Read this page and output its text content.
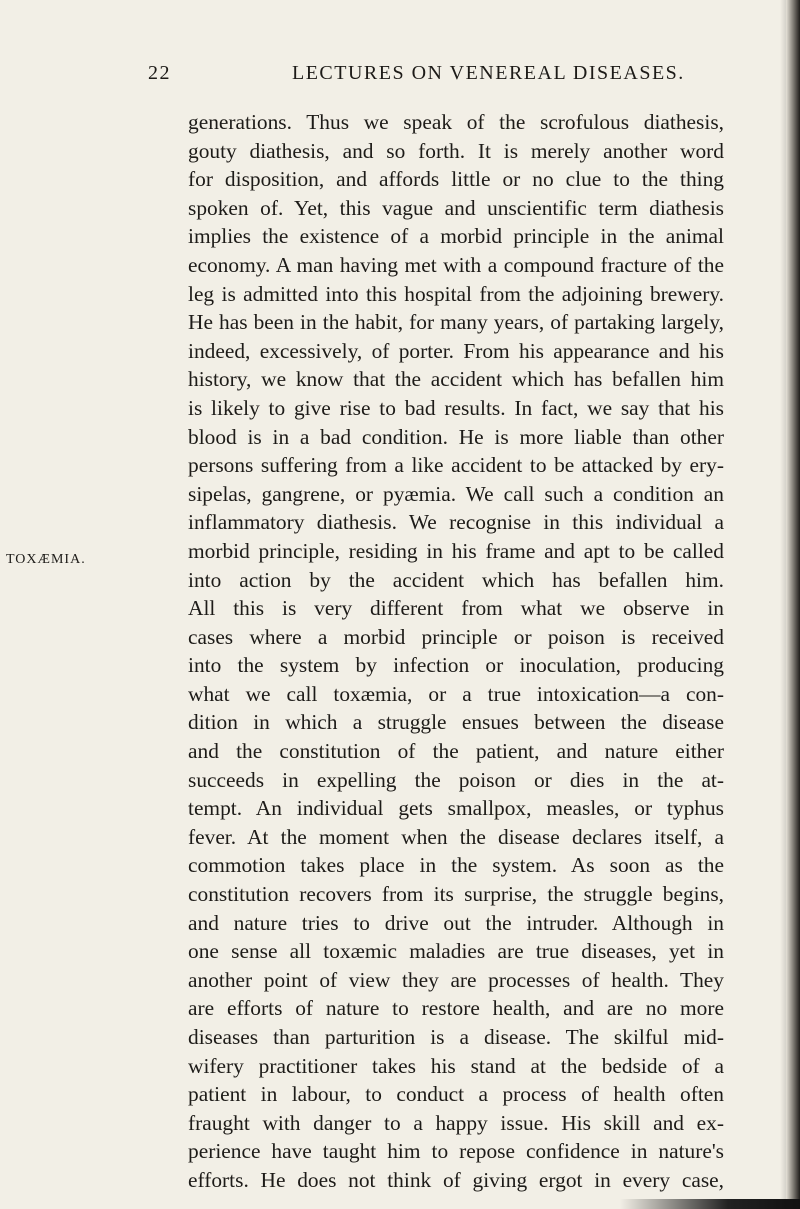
22	LECTURES ON VENEREAL DISEASES.
TOXÆMIA.
generations. Thus we speak of the scrofulous diathesis,
gouty diathesis, and so forth. It is merely another word
for disposition, and affords little or no clue to the thing
spoken of. Yet, this vague and unscientific term diathesis
implies the existence of a morbid principle in the animal
economy. A man having met with a compound fracture of the
leg is admitted into this hospital from the adjoining brewery.
He has been in the habit, for many years, of partaking largely,
indeed, excessively, of porter. From his appearance and his
history, we know that the accident which has befallen him
is likely to give rise to bad results. In fact, we say that his
blood is in a bad condition. He is more liable than other
persons suffering from a like accident to be attacked by ery-
sipelas, gangrene, or pyæmia. We call such a condition an
inflammatory diathesis. We recognise in this individual a
morbid principle, residing in his frame and apt to be called
into action by the accident which has befallen him.
All this is very different from what we observe in
cases where a morbid principle or poison is received
into the system by infection or inoculation, producing
what we call toxæmia, or a true intoxication—a con-
dition in which a struggle ensues between the disease
and the constitution of the patient, and nature either
succeeds in expelling the poison or dies in the at-
tempt. An individual gets smallpox, measles, or typhus
fever. At the moment when the disease declares itself, a
commotion takes place in the system. As soon as the
constitution recovers from its surprise, the struggle begins,
and nature tries to drive out the intruder. Although in
one sense all toxæmic maladies are true diseases, yet in
another point of view they are processes of health. They
are efforts of nature to restore health, and are no more
diseases than parturition is a disease. The skilful mid-
wifery practitioner takes his stand at the bedside of a
patient in labour, to conduct a process of health often
fraught with danger to a happy issue. His skill and ex-
perience have taught him to repose confidence in nature's
efforts. He does not think of giving ergot in every case,
